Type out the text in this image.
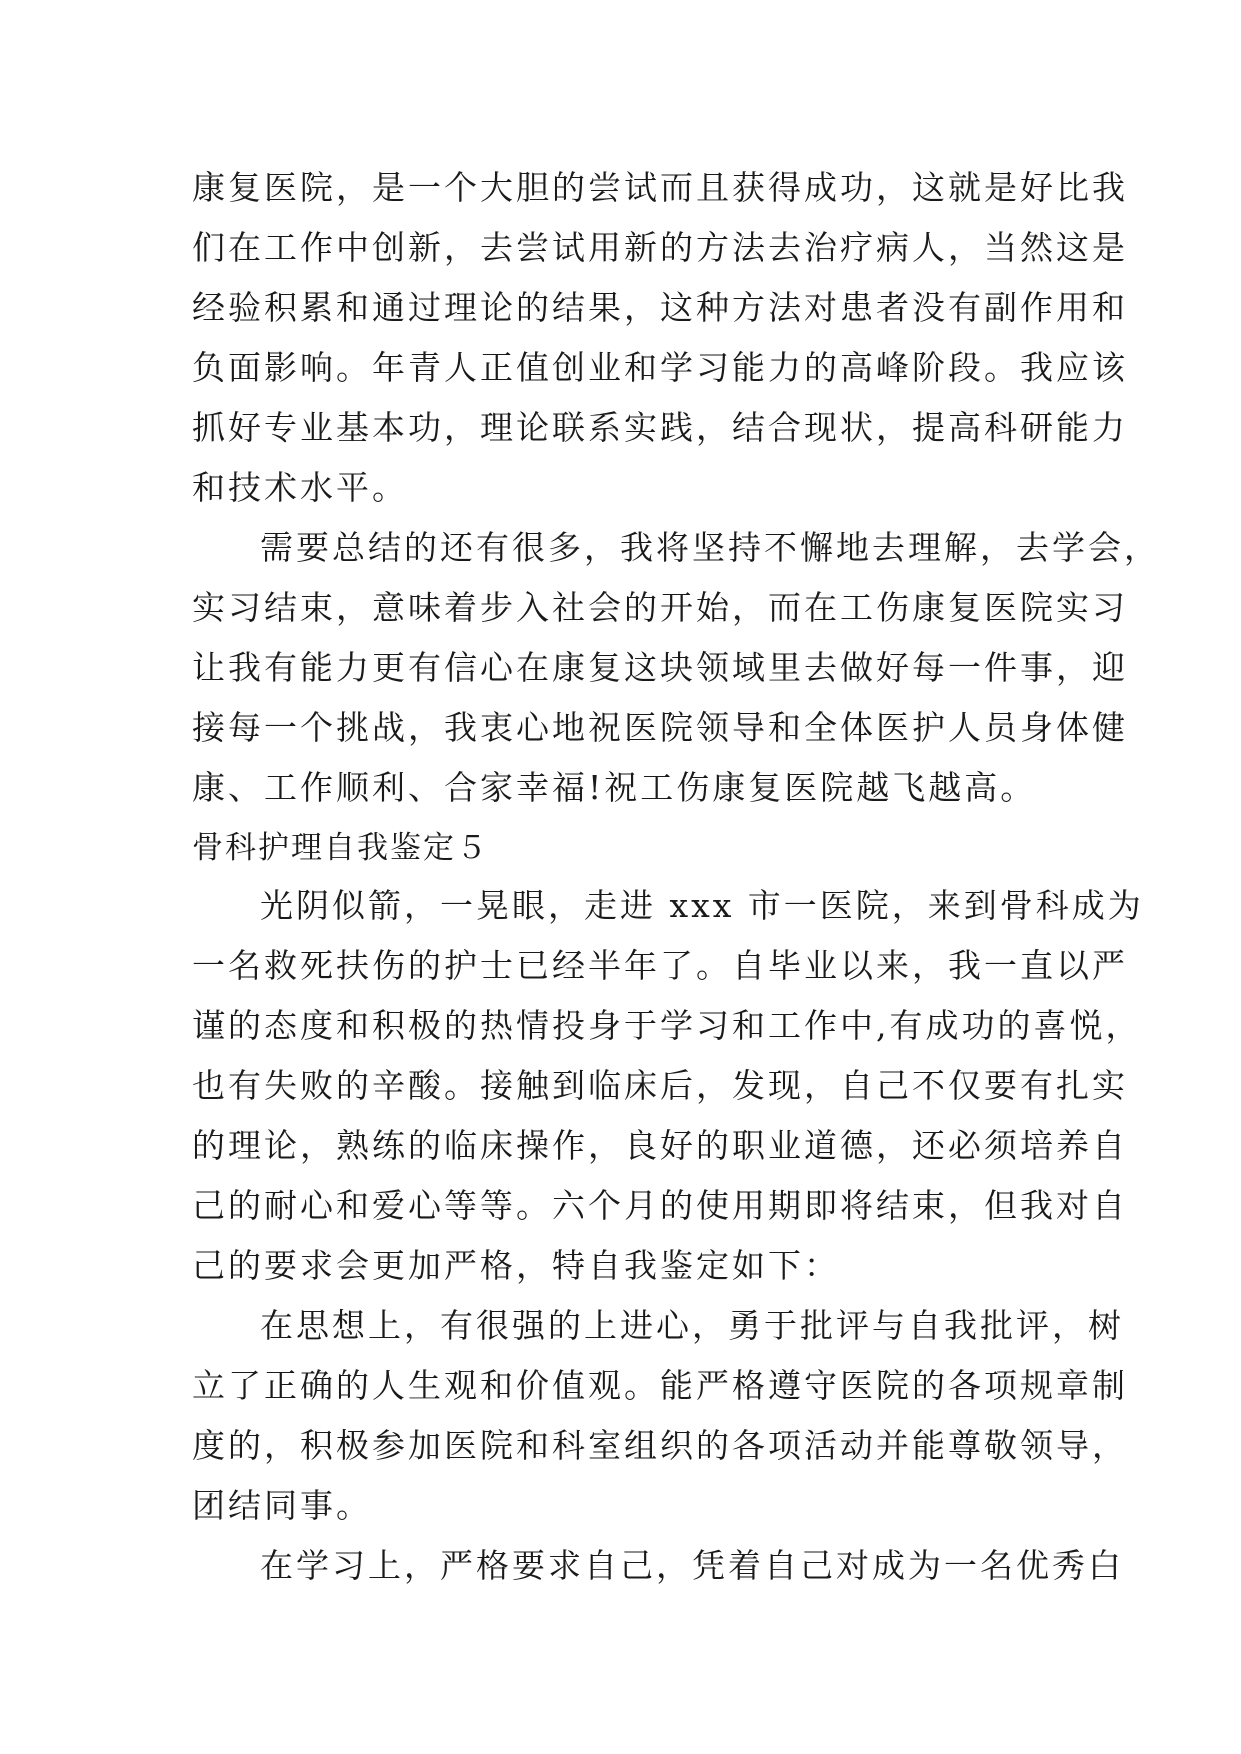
康复医院，是一个大胆的尝试而且获得成功，这就是好比我
们在工作中创新，去尝试用新的方法去治疗病人，当然这是
经验积累和通过理论的结果，这种方法对患者没有副作用和
负面影响。年青人正值创业和学习能力的高峰阶段。我应该
抓好专业基本功，理论联系实践，结合现状，提高科研能力
和技术水平。
需要总结的还有很多，我将坚持不懈地去理解，去学会，
实习结束，意味着步入社会的开始，而在工伤康复医院实习
让我有能力更有信心在康复这块领域里去做好每一件事，迎
接每一个挑战，我衷心地祝医院领导和全体医护人员身体健
康、工作顺利、合家幸福!祝工伤康复医院越飞越高。
骨科护理自我鉴定５
光阴似箭，一晃眼，走进 xxx 市一医院，来到骨科成为
一名救死扶伤的护士已经半年了。自毕业以来，我一直以严
谨的态度和积极的热情投身于学习和工作中,有成功的喜悦，
也有失败的辛酸。接触到临床后，发现，自己不仅要有扎实
的理论，熟练的临床操作，良好的职业道德，还必须培养自
己的耐心和爱心等等。六个月的使用期即将结束，但我对自
己的要求会更加严格，特自我鉴定如下：
在思想上，有很强的上进心，勇于批评与自我批评，树
立了正确的人生观和价值观。能严格遵守医院的各项规章制
度的，积极参加医院和科室组织的各项活动并能尊敬领导，
团结同事。
在学习上，严格要求自己，凭着自己对成为一名优秀白
